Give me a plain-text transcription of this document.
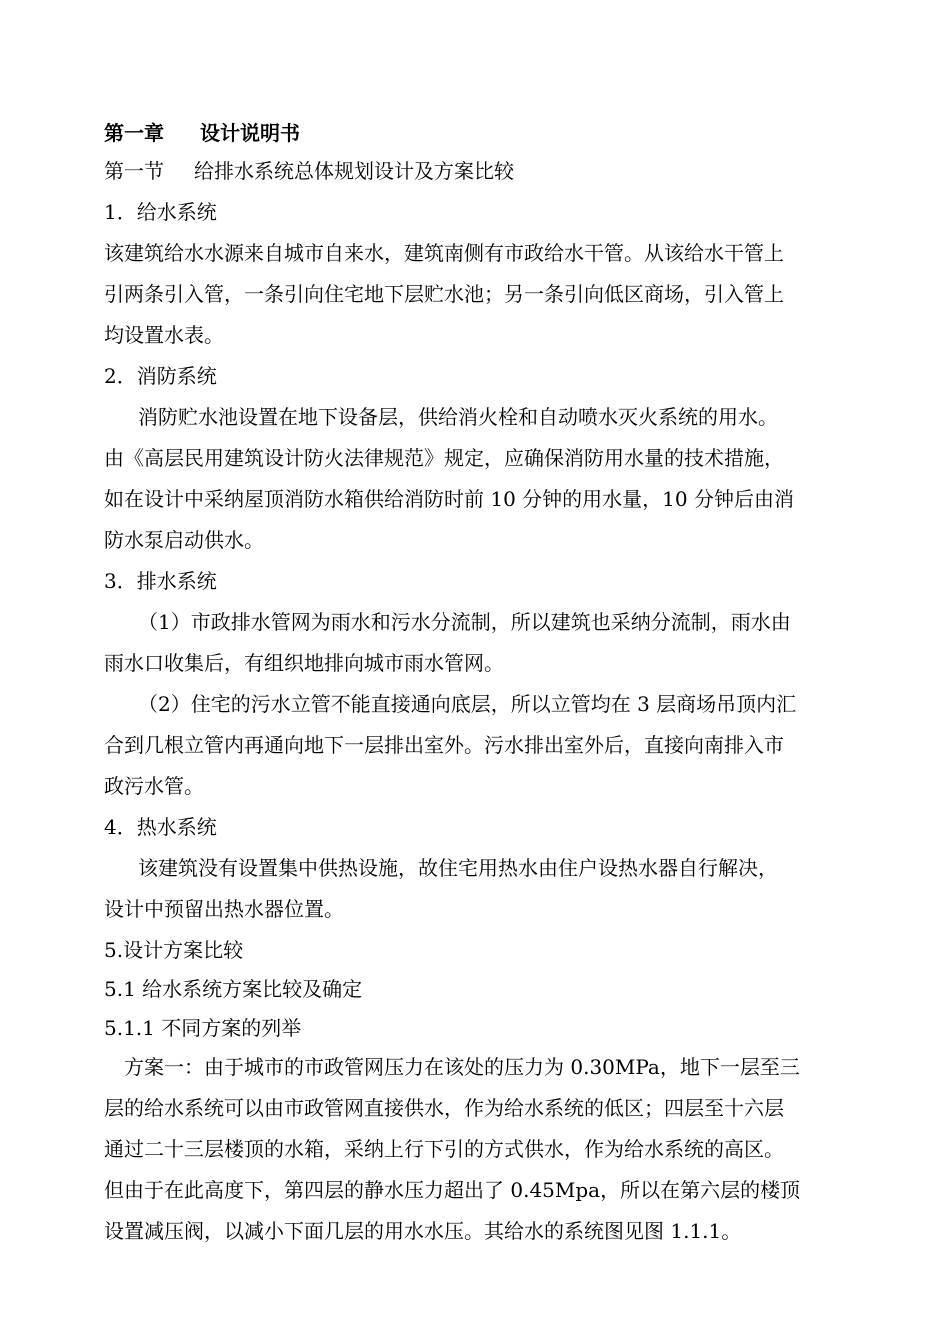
第一章 设计说明书
第一节 给排水系统总体规划设计及方案比较
1．给水系统
该建筑给水水源来自城市自来水，建筑南侧有市政给水干管。从该给水干管上
引两条引入管，一条引向住宅地下层贮水池；另一条引向低区商场，引入管上
均设置水表。
2．消防系统
消防贮水池设置在地下设备层，供给消火栓和自动喷水灭火系统的用水。
由《高层民用建筑设计防火法律规范》规定，应确保消防用水量的技术措施，
如在设计中采纳屋顶消防水箱供给消防时前 10 分钟的用水量，10 分钟后由消
防水泵启动供水。
3．排水系统
（1）市政排水管网为雨水和污水分流制，所以建筑也采纳分流制，雨水由
雨水口收集后，有组织地排向城市雨水管网。
（2）住宅的污水立管不能直接通向底层，所以立管均在 3 层商场吊顶内汇
合到几根立管内再通向地下一层排出室外。污水排出室外后，直接向南排入市
政污水管。
4．热水系统
该建筑没有设置集中供热设施，故住宅用热水由住户设热水器自行解决，
设计中预留出热水器位置。
5.设计方案比较
5.1 给水系统方案比较及确定
5.1.1 不同方案的列举
方案一：由于城市的市政管网压力在该处的压力为 0.30MPa，地下一层至三
层的给水系统可以由市政管网直接供水，作为给水系统的低区；四层至十六层
通过二十三层楼顶的水箱，采纳上行下引的方式供水，作为给水系统的高区。
但由于在此高度下，第四层的静水压力超出了 0.45Mpa，所以在第六层的楼顶
设置减压阀，以减小下面几层的用水水压。其给水的系统图见图 1.1.1。
